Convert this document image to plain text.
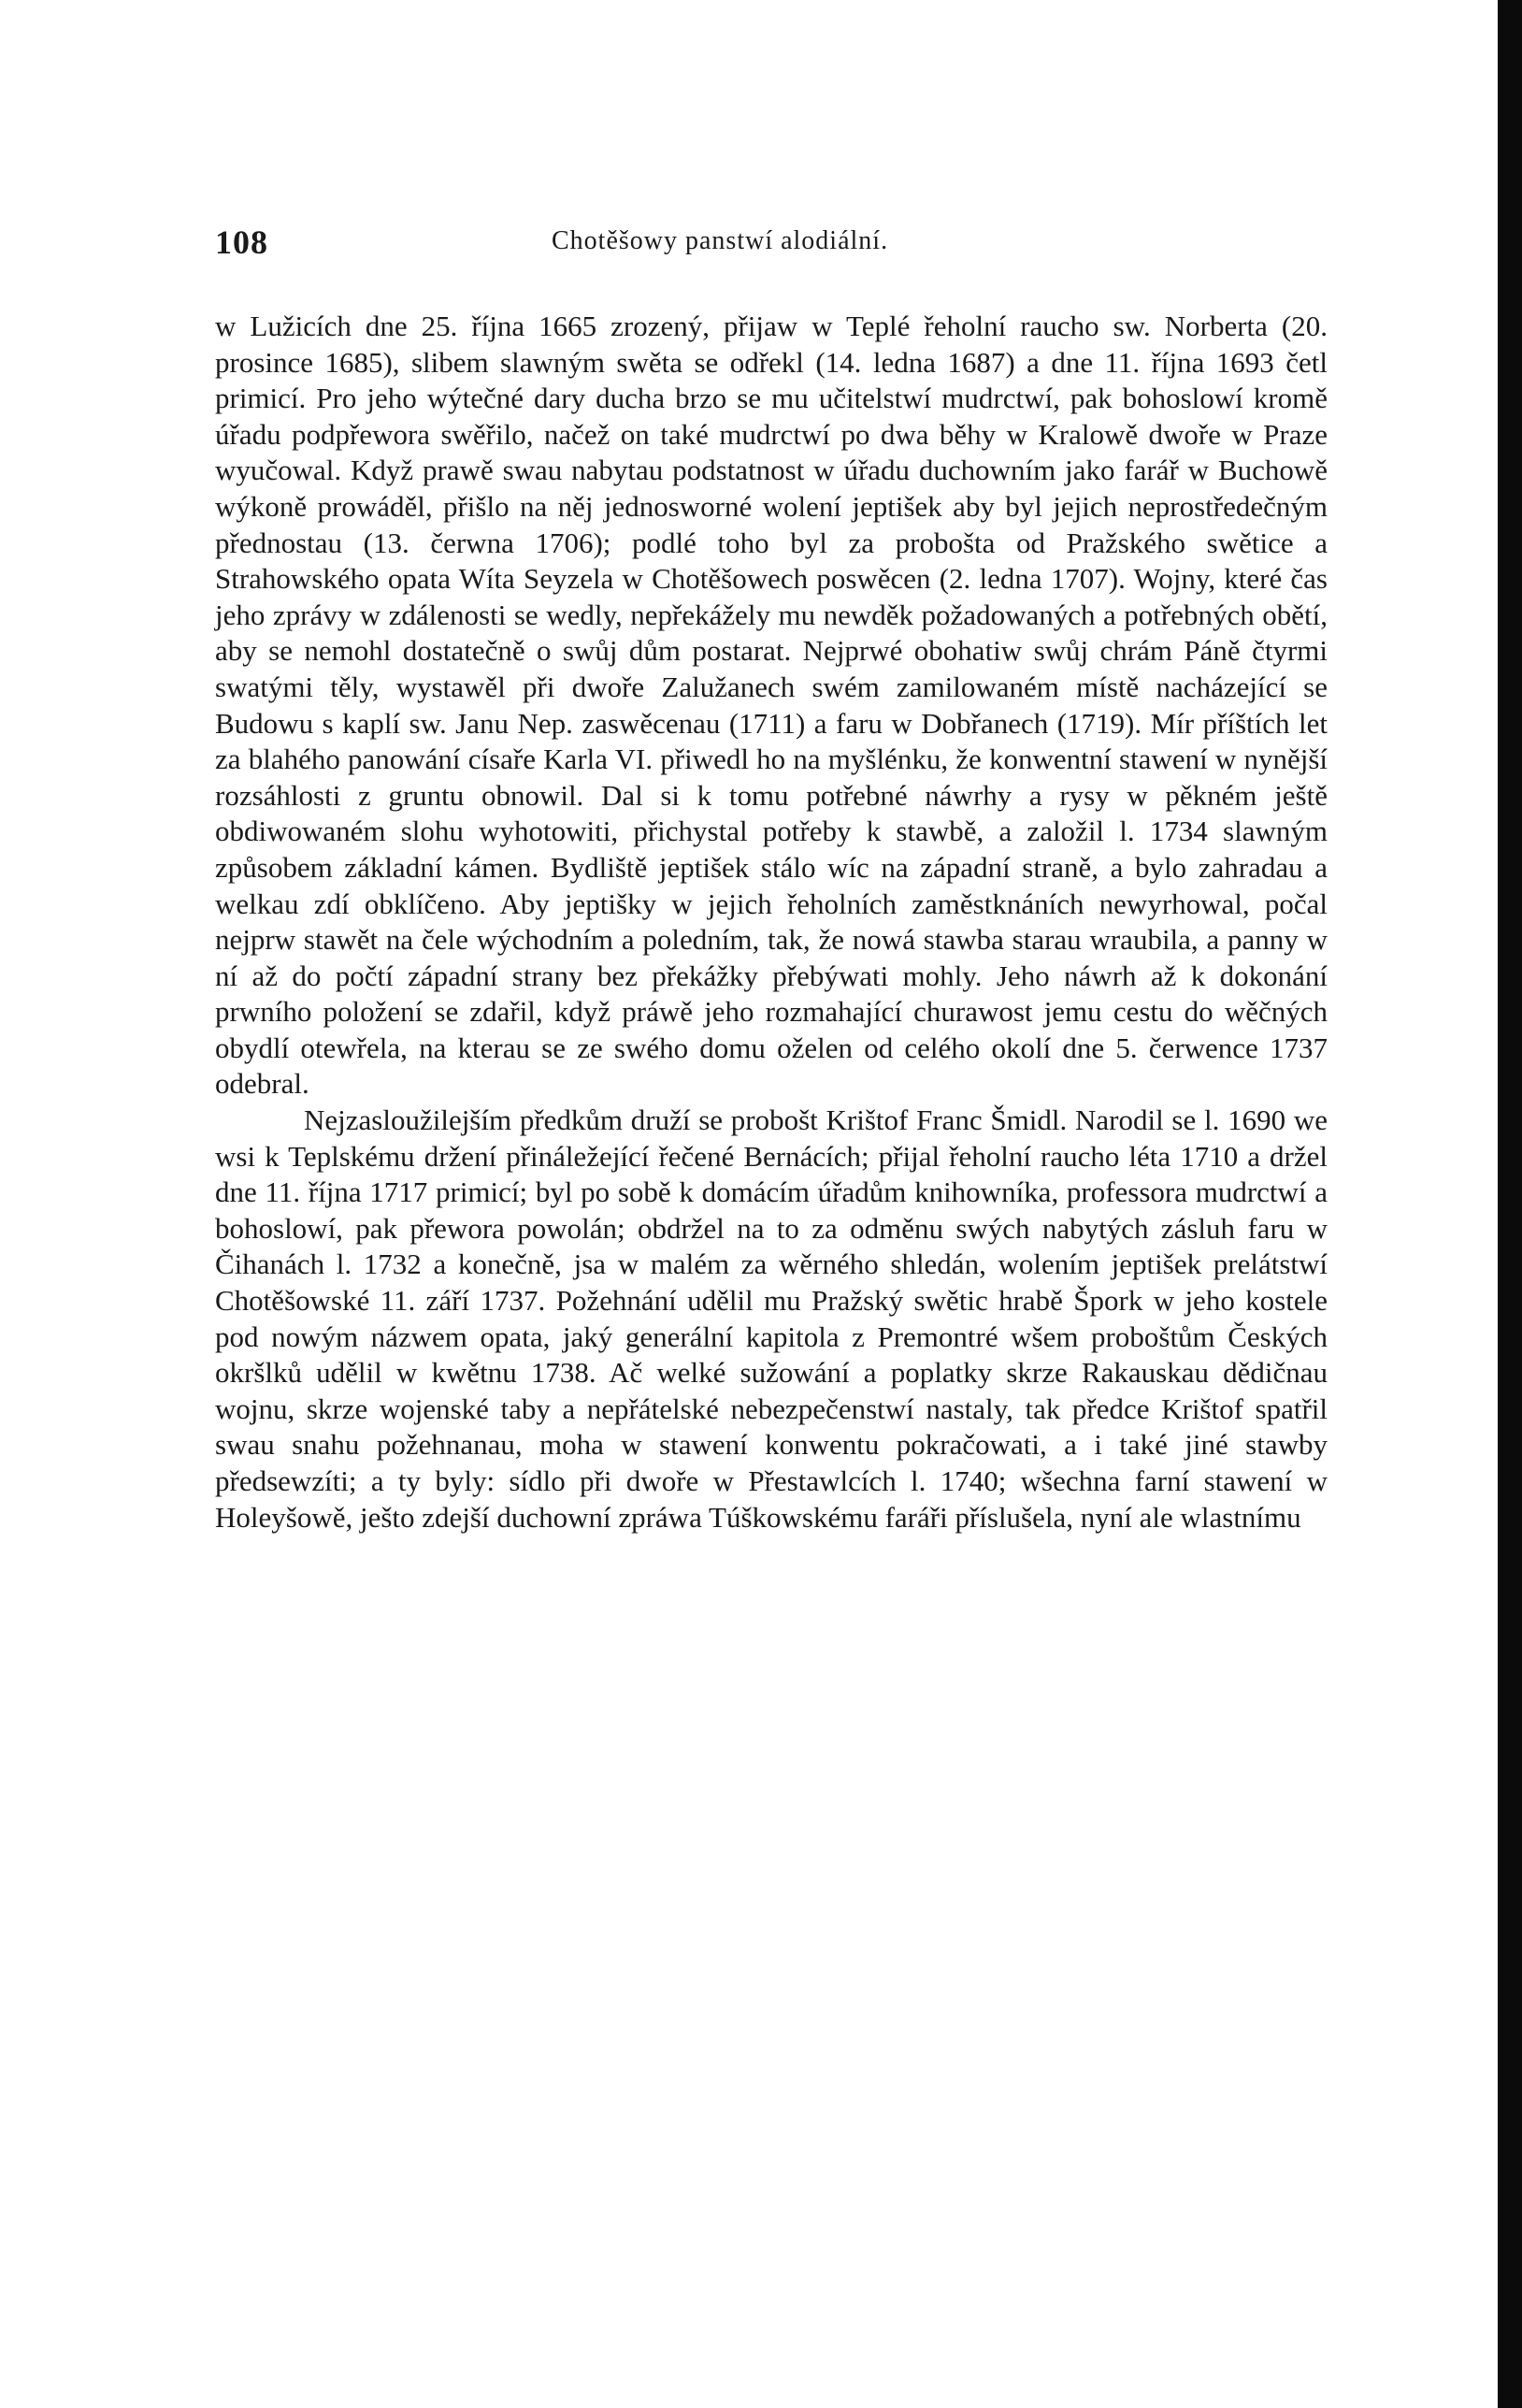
108	Chotěšowy panstwí alodiální.

w Lužicích dne 25. října 1665 zrozený, přijaw w Teplé řeholní raucho sw. Norberta (20. prosince 1685), slibem slawným swěta se odřekl (14. ledna 1687) a dne 11. října 1693 četl primicí. Pro jeho wýtečné dary ducha brzo se mu učitelstwí mudrctwí, pak bohoslowí kromě úřadu podpřewora swěřilo, načež on také mudrctwí po dwa běhy w Kralowě dwoře w Praze wyučowal. Když prawě swau nabytau podstatnost w úřadu duchowním jako farář w Buchowě wýkoně prowáděl, přišlo na něj jednosworné wolení jeptišek aby byl jejich neprostředečným přednostau (13. čerwna 1706); podlé toho byl za proboštа od Pražského swětice a Strahowského opata Wíta Seyzela w Chotěšowech poswěcen (2. ledna 1707). Wojny, které čas jeho zprávy w zdálenosti se wedly, nepřekážely mu newděk požadowaných a potřebných obětí, aby se nemohl dostatečně o swůj dům postarat. Nejprwé obohatiw swůj chrám Páně čtyrmi swatými těly, wystawěl při dwoře Zalužanech swém zamilowaném místě nacházející se Budowu s kaplí sw. Janu Nep. zaswěcenau (1711) a faru w Dobřanech (1719). Mír příštích let za blahého panowání císaře Karla VI. přiwedl ho na myšlénku, že konwentní stawení w nynější rozsáhlosti z gruntu obnowil. Dal si k tomu potřebné náwrhy a rysy w pěkném ještě obdiwowaném slohu wyhotowiti, přichystal potřeby k stawbě, a založil l. 1734 slawným způsobem základní kámen. Bydliště jeptišek stálo wíc na západní straně, a bylo zahradau a welkau zdí obklíčeno. Aby jeptišky w jejich řeholních zaměstknáních newyrhowal, počal nejprw stawět na čele wýchodním a poledním, tak, že nowá stawba starau wraubila, a panny w ní až do počtí západní strany bez překážky přebýwati mohly. Jeho náwrh až k dokonání prwního položení se zdařil, když práwě jeho rozmahající churawost jemu cestu do wěčných obydlí otewřela, na kterau se ze swého domu oželen od celého okolí dne 5. čerwence 1737 odebral.

Nejzasloužilejším předkům druží se probošt Krištof Franc Šmidl. Narodil se l. 1690 we wsi k Teplskému držení přináležející řečené Bernácích; přijal řeholní raucho léta 1710 a držel dne 11. října 1717 primicí; byl po sobě k domácím úřadům knihowníka, professora mudrctwí a bohoslowí, pak přewora powolán; obdržel na to za odměnu swých nabytých zásluh faru w Čihanách l. 1732 a konečně, jsa w malém za wěrného shledán, wolením jeptišek prelátstwí Chotěšowské 11. září 1737. Požehnání udělil mu Pražský swětic hrabě Špork w jeho kostele pod nowým názwem opata, jaký generální kapitola z Premontré wšem proboštům Českých okršlků udělil w kwětnu 1738. Ač welké sužowání a poplatky skrze Rakauskau dědičnau wojnu, skrze wojenské taby a nepřátelské nebezpečenstwí nastaly, tak předce Krištof spatřil swau snahu požehnanau, moha w stawení konwentu pokračowati, a i také jiné stawby předsewzíti; a ty byly: sídlo při dwoře w Přestawlcích l. 1740; wšechna farní stawení w Holeyšowě, ješto zdejší duchowní zpráwa Túškowskému faráři příslušela, nyní ale wlastnímu
